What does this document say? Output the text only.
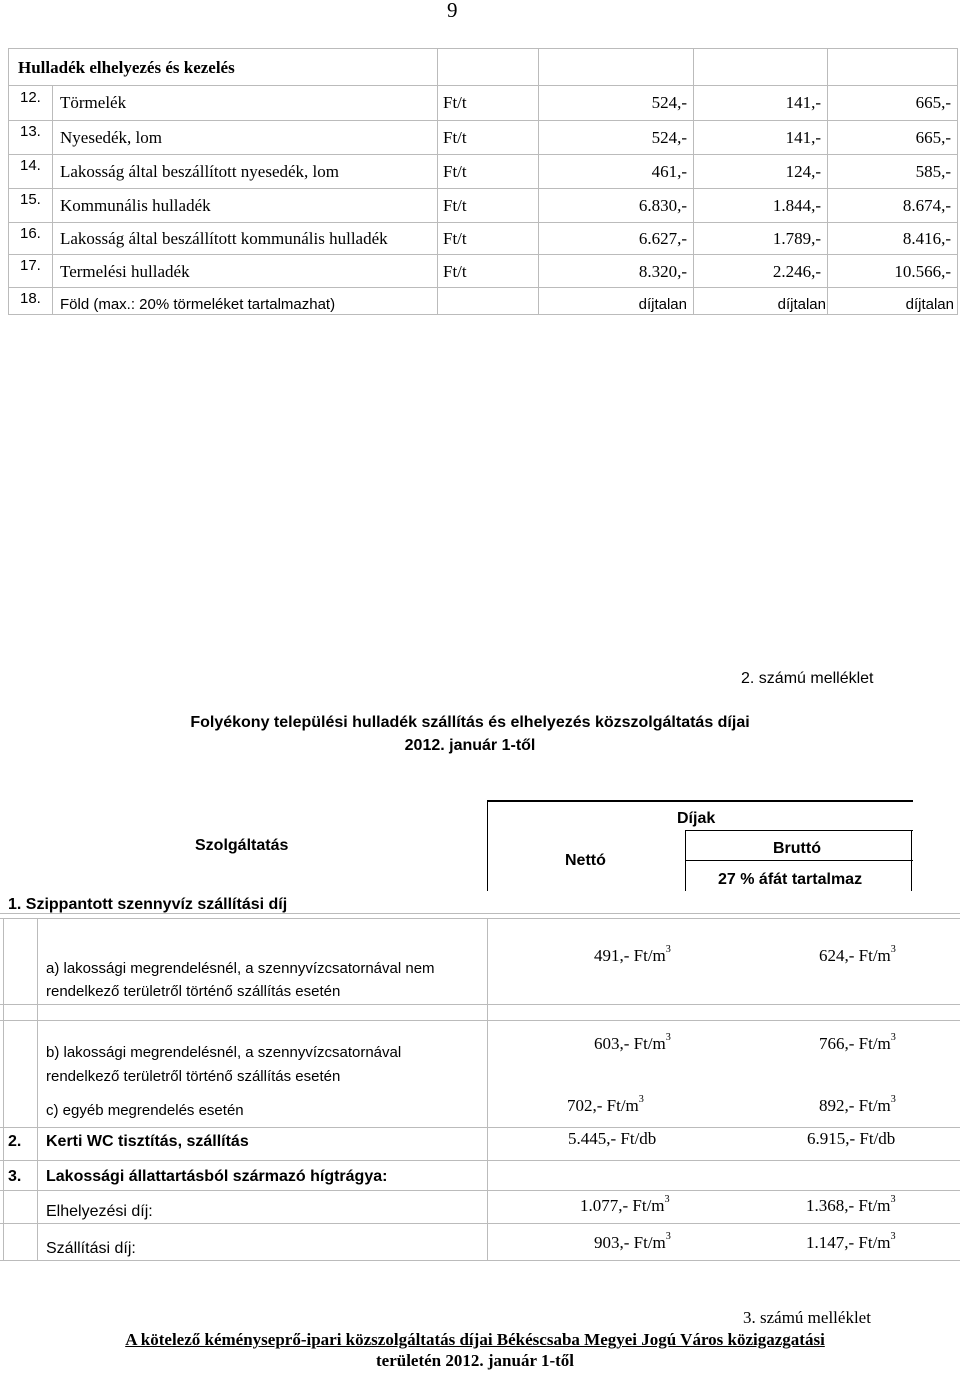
9
Hulladék elhelyezés és kezelés
12. Törmelék	Ft/t	524,-	141,-	665,-
13. Nyesedék, lom	Ft/t	524,-	141,-	665,-
14. Lakosság által beszállított nyesedék, lom	Ft/t	461,-	124,-	585,-
15. Kommunális hulladék	Ft/t	6.830,-	1.844,-	8.674,-
16. Lakosság által beszállított kommunális hulladék	Ft/t	6.627,-	1.789,-	8.416,-
17. Termelési hulladék	Ft/t	8.320,-	2.246,-	10.566,-
18. Föld (max.: 20% törmeléket tartalmazhat)	díjtalan	díjtalan	díjtalan
2. számú melléklet
Folyékony települési hulladék szállítás és elhelyezés közszolgáltatás díjai
2012. január 1-től
Szolgáltatás
Díjak
Nettó
Bruttó
27 % áfát tartalmaz
1. Szippantott szennyvíz szállítási díj
a) lakossági megrendelésnél, a szennyvízcsatornával nem
rendelkező területről történő szállítás esetén
491,- $Ft/m^3$	624,- $Ft/m^3$
b) lakossági megrendelésnél, a szennyvízcsatornával
rendelkező területről történő szállítás esetén
603,- $Ft/m^3$	766,- $Ft/m^3$
c) egyéb megrendelés esetén	702,- $Ft/m^3$	892,- $Ft/m^3$
2. Kerti WC tisztítás, szállítás	5.445,- Ft/db	6.915,- Ft/db
3. Lakossági állattartásból származó hígtrágya:
Elhelyezési díj:	1.077,- $Ft/m^3$	1.368,- $Ft/m^3$
Szállítási díj:	903,- $Ft/m^3$	1.147,- $Ft/m^3$
3. számú melléklet
A kötelező kéményseprő-ipari közszolgáltatás díjai Békéscsaba Megyei Jogú Város közigazgatási
területén 2012. január 1-től
